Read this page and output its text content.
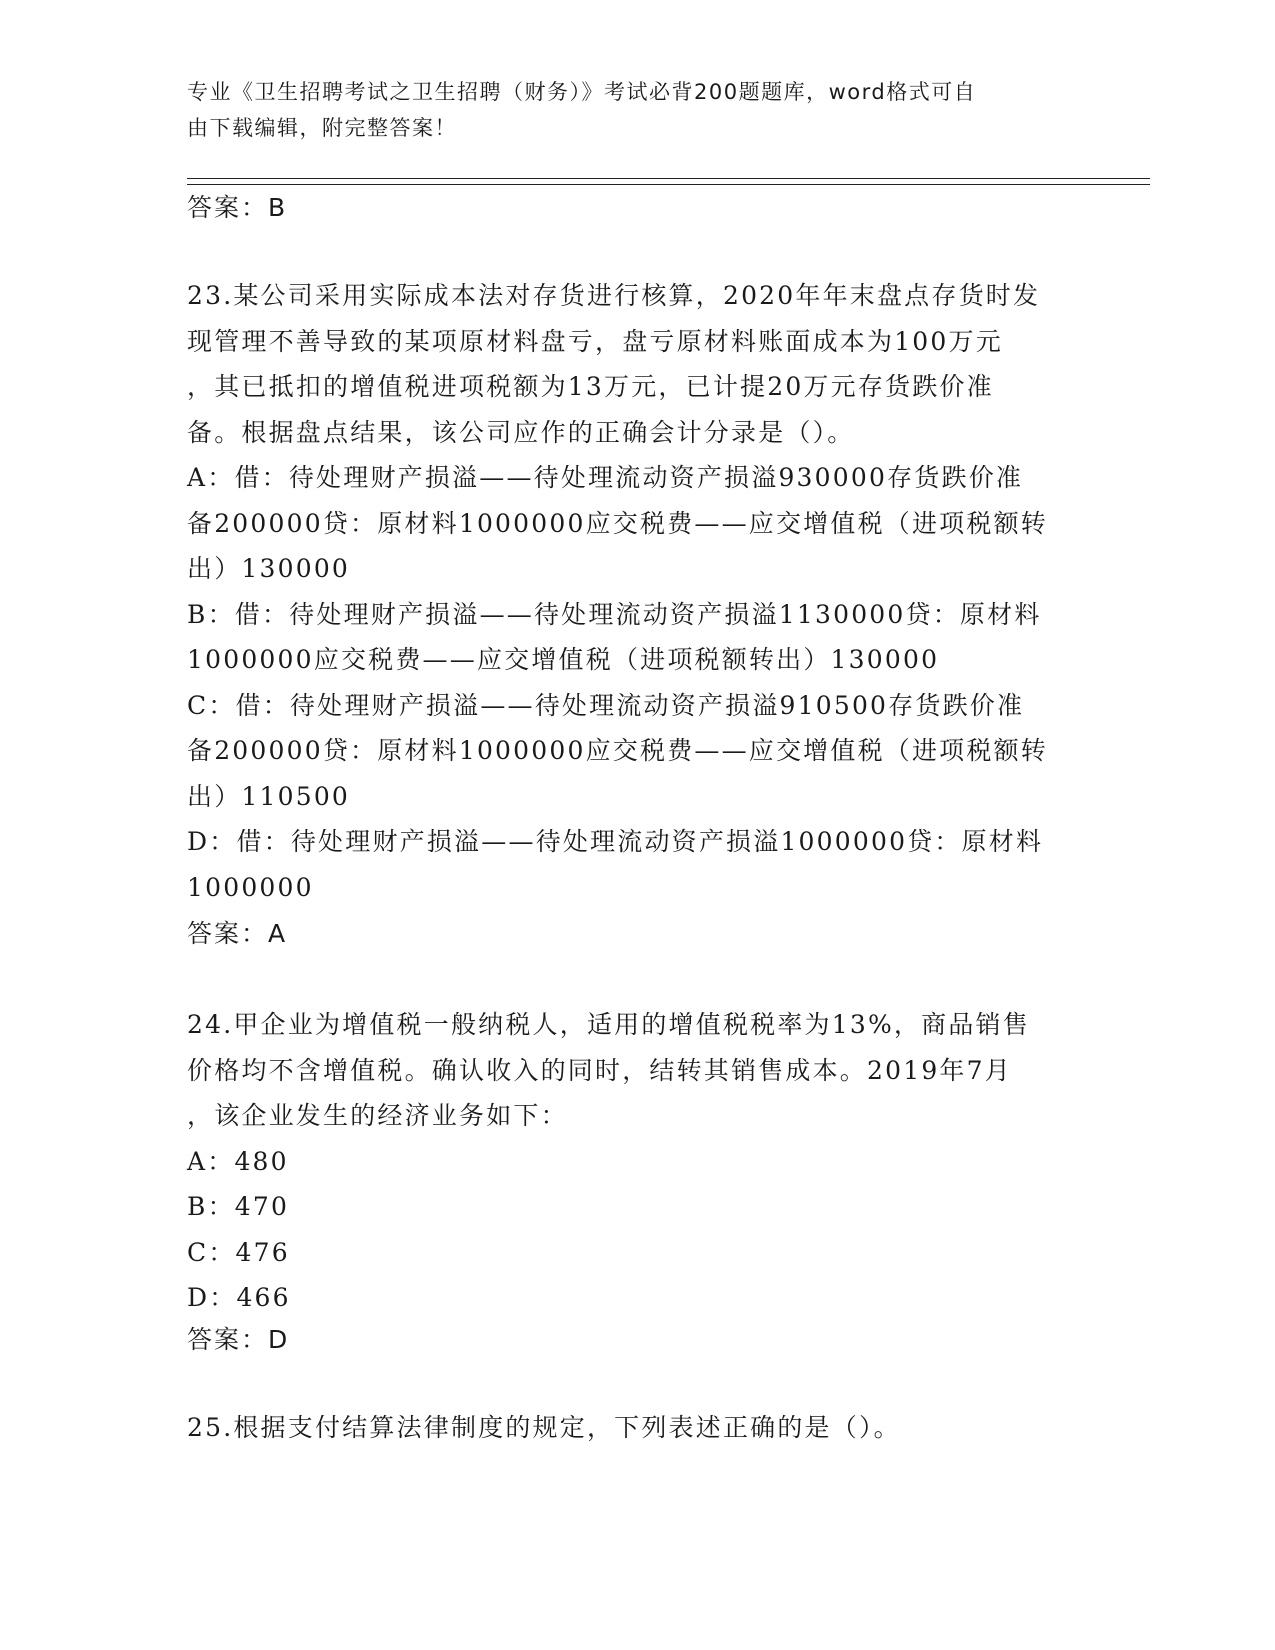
专业《卫生招聘考试之卫生招聘（财务）》考试必背200题题库，word格式可自
由下载编辑，附完整答案！
答案：B
23.某公司采用实际成本法对存货进行核算，2020年年末盘点存货时发
现管理不善导致的某项原材料盘亏，盘亏原材料账面成本为100万元
，其已抵扣的增值税进项税额为13万元，已计提20万元存货跌价准
备。根据盘点结果，该公司应作的正确会计分录是（）。
A：借：待处理财产损溢——待处理流动资产损溢930000存货跌价准
备200000贷：原材料1000000应交税费——应交增值税（进项税额转
出）130000
B：借：待处理财产损溢——待处理流动资产损溢1130000贷：原材料
1000000应交税费——应交增值税（进项税额转出）130000
C：借：待处理财产损溢——待处理流动资产损溢910500存货跌价准
备200000贷：原材料1000000应交税费——应交增值税（进项税额转
出）110500
D：借：待处理财产损溢——待处理流动资产损溢1000000贷：原材料
1000000
答案：A
24.甲企业为增值税一般纳税人，适用的增值税税率为13%，商品销售
价格均不含增值税。确认收入的同时，结转其销售成本。2019年7月
，该企业发生的经济业务如下：
A：480
B：470
C：476
D：466
答案：D
25.根据支付结算法律制度的规定，下列表述正确的是（）。
